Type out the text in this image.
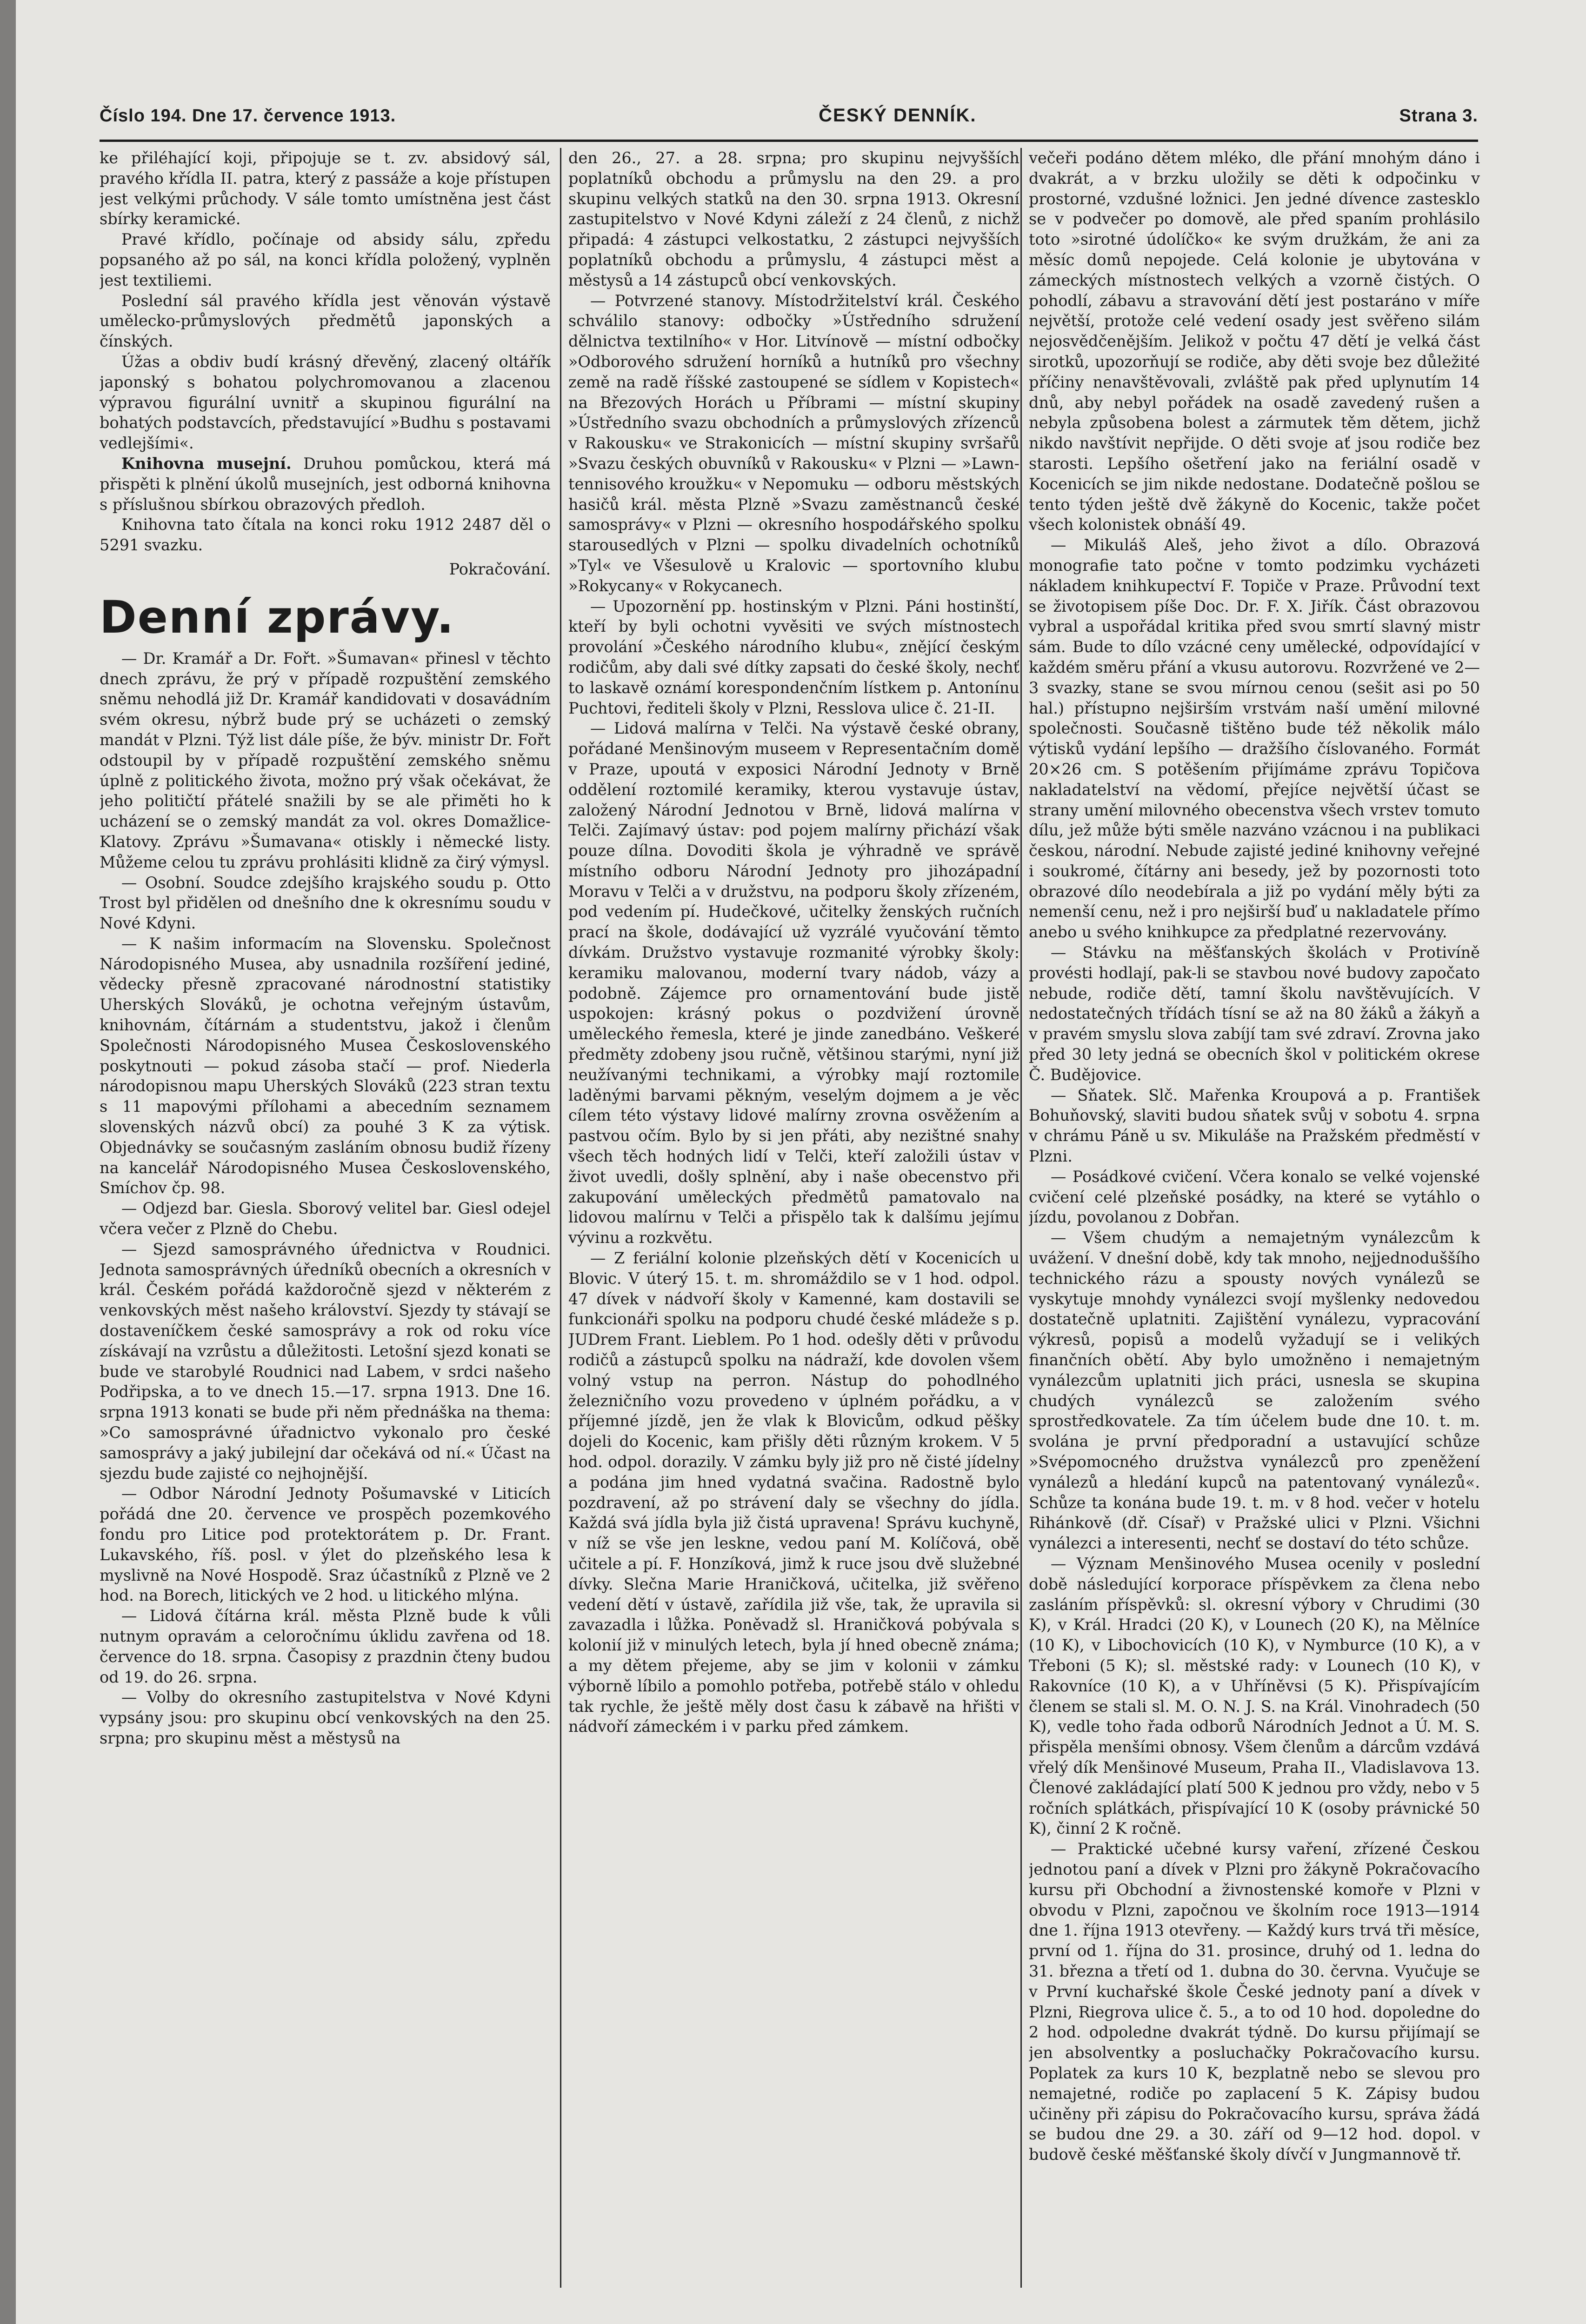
Číslo 194. Dne 17. července 1913.	ČESKÝ DENNÍK.	Strana 3.

ke přiléhající koji, připojuje se t. zv. absidový sál, pravého křídla II. patra, který z passáže a koje přístupen jest velkými průchody. V sále tomto umístněna jest část sbírky keramické.

Pravé křídlo, počínaje od absidy sálu, zpředu popsaného až po sál, na konci křídla položený, vyplněn jest textiliemi.

Poslední sál pravého křídla jest věnován výstavě umělecko-průmyslových předmětů japonských a čínských.

Úžas a obdiv budí krásný dřevěný, zlacený oltářík japonský s bohatou polychromovanou a zlacenou výpravou figurální uvnitř a skupinou figurální na bohatých podstavcích, představující »Budhu s postavami vedlejšími«.

Knihovna musejní. Druhou pomůckou, která má přispěti k plnění úkolů musejních, jest odborná knihovna s příslušnou sbírkou obrazových předloh.

Knihovna tato čítala na konci roku 1912 2487 děl o 5291 svazku.

Pokračování.

Denní zprávy.

— Dr. Kramář a Dr. Fořt. »Šumavan« přinesl v těchto dnech zprávu, že prý v případě rozpuštění zemského sněmu nehodlá již Dr. Kramář kandidovati v dosavádním svém okresu, nýbrž bude prý se ucházeti o zemský mandát v Plzni. Týž list dále píše, že býv. ministr Dr. Fořt odstoupil by v případě rozpuštění zemského sněmu úplně z politického života, možno prý však očekávat, že jeho političtí přátelé snažili by se ale přiměti ho k ucházení se o zemský mandát za vol. okres Domažlice-Klatovy. Zprávu »Šumavana« otiskly i německé listy. Můžeme celou tu zprávu prohlásiti klidně za čirý výmysl.

— Osobní. Soudce zdejšího krajského soudu p. Otto Trost byl přidělen od dnešního dne k okresnímu soudu v Nové Kdyni.

— K našim informacím na Slovensku. Společnost Národopisného Musea, aby usnadnila rozšíření jediné, vědecky přesně zpracované národnostní statistiky Uherských Slováků, je ochotna veřejným ústavům, knihovnám, čítárnám a studentstvu, jakož i členům Společnosti Národopisného Musea Československého poskytnouti — pokud zásoba stačí — prof. Niederla národopisnou mapu Uherských Slováků (223 stran textu s 11 mapovými přílohami a abecedním seznamem slovenských názvů obcí) za pouhé 3 K za výtisk. Objednávky se současným zasláním obnosu budiž řízeny na kancelář Národopisného Musea Československého, Smíchov čp. 98.

— Odjezd bar. Giesla. Sborový velitel bar. Giesl odejel včera večer z Plzně do Chebu.

— Sjezd samosprávného úřednictva v Roudnici. Jednota samosprávných úředníků obecních a okresních v král. Českém pořádá každoročně sjezd v některém z venkovských měst našeho království. Sjezdy ty stávají se dostaveníčkem české samosprávy a rok od roku více získávají na vzrůstu a důležitosti. Letošní sjezd konati se bude ve starobylé Roudnici nad Labem, v srdci našeho Podřipska, a to ve dnech 15.—17. srpna 1913. Dne 16. srpna 1913 konati se bude při něm přednáška na thema: »Co samosprávné úřadnictvo vykonalo pro české samosprávy a jaký jubilejní dar očekává od ní.« Účast na sjezdu bude zajisté co nejhojnější.

— Odbor Národní Jednoty Pošumavské v Liticích pořádá dne 20. července ve prospěch pozemkového fondu pro Litice pod protektorátem p. Dr. Frant. Lukavského, říš. posl. v ýlet do plzeňského lesa k myslivně na Nové Hospodě. Sraz účastníků z Plzně ve 2 hod. na Borech, litických ve 2 hod. u litického mlýna.

— Lidová čítárna král. města Plzně bude k vůli nutnym opravám a celoročnímu úklidu zavřena od 18. července do 18. srpna. Časopisy z prazdnin čteny budou od 19. do 26. srpna.

— Volby do okresního zastupitelstva v Nové Kdyni vypsány jsou: pro skupinu obcí venkovských na den 25. srpna; pro skupinu měst a městysů na

den 26., 27. a 28. srpna; pro skupinu nejvyšších poplatníků obchodu a průmyslu na den 29. a pro skupinu velkých statků na den 30. srpna 1913. Okresní zastupitelstvo v Nové Kdyni záleží z 24 členů, z nichž připadá: 4 zástupci velkostatku, 2 zástupci nejvyšších poplatníků obchodu a průmyslu, 4 zástupci měst a městysů a 14 zástupců obcí venkovských.

— Potvrzené stanovy. Místodržitelství král. Českého schválilo stanovy: odbočky »Ústředního sdružení dělnictva textilního« v Hor. Litvínově — místní odbočky »Odborového sdružení horníků a hutníků pro všechny země na radě říšské zastoupené se sídlem v Kopistech« na Březových Horách u Příbrami — místní skupiny »Ústředního svazu obchodních a průmyslových zřízenců v Rakousku« ve Strakonicích — místní skupiny svršařů »Svazu českých obuvníků v Rakousku« v Plzni — »Lawn-tennisového kroužku« v Nepomuku — odboru městských hasičů král. města Plzně »Svazu zaměstnanců české samosprávy« v Plzni — okresního hospodářského spolku starousedlých v Plzni — spolku divadelních ochotníků »Tyl« ve Všesulově u Kralovic — sportovního klubu »Rokycany« v Rokycanech.

— Upozornění pp. hostinským v Plzni. Páni hostinští, kteří by byli ochotni vyvěsiti ve svých místnostech provolání »Českého národního klubu«, znějící českým rodičům, aby dali své dítky zapsati do české školy, nechť to laskavě oznámí korespondenčním lístkem p. Antonínu Puchtovi, řediteli školy v Plzni, Resslova ulice č. 21-II.

— Lidová malírna v Telči. Na výstavě české obrany, pořádané Menšinovým museem v Representačním domě v Praze, upoutá v exposici Národní Jednoty v Brně oddělení roztomilé keramiky, kterou vystavuje ústav, založený Národní Jednotou v Brně, lidová malírna v Telči. Zajímavý ústav: pod pojem malírny přichází však pouze dílna. Dovoditi škola je výhradně ve správě místního odboru Národní Jednoty pro jihozápadní Moravu v Telči a v družstvu, na podporu školy zřízeném, pod vedením pí. Hudečkové, učitelky ženských ručních prací na škole, dodávající už vyzrálé vyučování těmto dívkám. Družstvo vystavuje rozmanité výrobky školy: keramiku malovanou, moderní tvary nádob, vázy a podobně. Zájemce pro ornamentování bude jistě uspokojen: krásný pokus o pozdvižení úrovně uměleckého řemesla, které je jinde zanedbáno. Veškeré předměty zdobeny jsou ručně, většinou starými, nyní již neužívanými technikami, a výrobky mají roztomile laděnými barvami pěkným, veselým dojmem a je věc cílem této výstavy lidové malírny zrovna osvěžením a pastvou očím. Bylo by si jen přáti, aby nezištné snahy všech těch hodných lidí v Telči, kteří založili ústav v život uvedli, došly splnění, aby i naše obecenstvo při zakupování uměleckých předmětů pamatovalo na lidovou malírnu v Telči a přispělo tak k dalšímu jejímu vývinu a rozkvětu.

— Z feriální kolonie plzeňských dětí v Kocenicích u Blovic. V úterý 15. t. m. shromáždilo se v 1 hod. odpol. 47 dívek v nádvoří školy v Kamenné, kam dostavili se funkcionáři spolku na podporu chudé české mládeže s p. JUDrem Frant. Lieblem. Po 1 hod. odešly děti v průvodu rodičů a zástupců spolku na nádraží, kde dovolen všem volný vstup na perron. Nástup do pohodlného železničního vozu provedeno v úplném pořádku, a v příjemné jízdě, jen že vlak k Blovicům, odkud pěšky dojeli do Kocenic, kam přišly děti různým krokem. V 5 hod. odpol. dorazily. V zámku byly již pro ně čisté jídelny a podána jim hned vydatná svačina. Radostně bylo pozdravení, až po strávení daly se všechny do jídla. Každá svá jídla byla již čistá upravena! Správu kuchyně, v níž se vše jen leskne, vedou paní M. Kolíčová, obě učitele a pí. F. Honzíková, jimž k ruce jsou dvě služebné dívky. Slečna Marie Hraničková, učitelka, již svěřeno vedení dětí v ústavě, zařídila již vše, tak, že upravila si zavazadla i lůžka. Poněvadž sl. Hraničková pobývala s kolonií již v minulých letech, byla jí hned obecně známa; a my dětem přejeme, aby se jim v kolonii v zámku výborně líbilo a pomohlo potřeba, potřebě stálo v ohledu tak rychle, že ještě měly dost času k zábavě na hřišti v nádvoří zámeckém i v parku před zámkem.

večeři podáno dětem mléko, dle přání mnohým dáno i dvakrát, a v brzku uložily se děti k odpočinku v prostorné, vzdušné ložnici. Jen jedné dívence zastesklo se v podvečer po domově, ale před spaním prohlásilo toto »sirotné údolíčko« ke svým družkám, že ani za měsíc domů nepojede. Celá kolonie je ubytována v zámeckých místnostech velkých a vzorně čistých. O pohodlí, zábavu a stravování dětí jest postaráno v míře největší, protože celé vedení osady jest svěřeno silám nejosvědčenějším. Jelikož v počtu 47 dětí je velká část sirotků, upozorňují se rodiče, aby děti svoje bez důležité příčiny nenavštěvovali, zvláště pak před uplynutím 14 dnů, aby nebyl pořádek na osadě zavedený rušen a nebyla způsobena bolest a zármutek těm dětem, jichž nikdo navštívit nepřijde. O děti svoje ať jsou rodiče bez starosti. Lepšího ošetření jako na feriální osadě v Kocenicích se jim nikde nedostane. Dodatečně pošlou se tento týden ještě dvě žákyně do Kocenic, takže počet všech kolonistek obnáší 49.

— Mikuláš Aleš, jeho život a dílo. Obrazová monografie tato počne v tomto podzimku vycházeti nákladem knihkupectví F. Topiče v Praze. Průvodní text se životopisem píše Doc. Dr. F. X. Jiřík. Část obrazovou vybral a uspořádal kritika před svou smrtí slavný mistr sám. Bude to dílo vzácné ceny umělecké, odpovídající v každém směru přání a vkusu autorovu. Rozvržené ve 2—3 svazky, stane se svou mírnou cenou (sešit asi po 50 hal.) přístupno nejširším vrstvám naší umění milovné společnosti. Současně tištěno bude též několik málo výtisků vydání lepšího — dražšího číslovaného. Formát 20×26 cm. S potěšením přijímáme zprávu Topičova nakladatelství na vědomí, přejíce největší účast se strany umění milovného obecenstva všech vrstev tomuto dílu, jež může býti směle nazváno vzácnou i na publikaci českou, národní. Nebude zajisté jediné knihovny veřejné i soukromé, čítárny ani besedy, jež by pozornosti toto obrazové dílo neodebírala a již po vydání měly býti za nemenší cenu, než i pro nejširší buď u nakladatele přímo anebo u svého knihkupce za předplatné rezervovány.

— Stávku na měšťanských školách v Protivíně provésti hodlají, pak-li se stavbou nové budovy započato nebude, rodiče dětí, tamní školu navštěvujících. V nedostatečných třídách tísní se až na 80 žáků a žákyň a v pravém smyslu slova zabíjí tam své zdraví. Zrovna jako před 30 lety jedná se obecních škol v politickém okrese Č. Budějovice.

— Sňatek. Slč. Mařenka Kroupová a p. František Bohuňovský, slaviti budou sňatek svůj v sobotu 4. srpna v chrámu Páně u sv. Mikuláše na Pražském předměstí v Plzni.

— Posádkové cvičení. Včera konalo se velké vojenské cvičení celé plzeňské posádky, na které se vytáhlo o jízdu, povolanou z Dobřan.

— Všem chudým a nemajetným vynálezcům k uvážení. V dnešní době, kdy tak mnoho, nejjednoduššího technického rázu a spousty nových vynálezů se vyskytuje mnohdy vynálezci svojí myšlenky nedovedou dostatečně uplatniti. Zajištění vynálezu, vypracování výkresů, popisů a modelů vyžadují se i velikých finančních obětí. Aby bylo umožněno i nemajetným vynálezcům uplatniti jich práci, usnesla se skupina chudých vynálezců se založením svého sprostředkovatele. Za tím účelem bude dne 10. t. m. svolána je první předporadní a ustavující schůze »Svépomocného družstva vynálezců pro zpeněžení vynálezů a hledání kupců na patentovaný vynálezů«. Schůze ta konána bude 19. t. m. v 8 hod. večer v hotelu Rihánkově (dř. Císař) v Pražské ulici v Plzni. Všichni vynálezci a interesenti, nechť se dostaví do této schůze.

— Význam Menšinového Musea ocenily v poslední době následující korporace příspěvkem za člena nebo zasláním příspěvků: sl. okresní výbory v Chrudimi (30 K), v Král. Hradci (20 K), v Lounech (20 K), na Mělníce (10 K), v Libochovicích (10 K), v Nymburce (10 K), a v Třeboni (5 K); sl. městské rady: v Lounech (10 K), v Rakovníce (10 K), a v Uhříněvsi (5 K). Přispívajícím členem se stali sl. M. O. N. J. S. na Král. Vinohradech (50 K), vedle toho řada odborů Národních Jednot a Ú. M. S. přispěla menšími obnosy. Všem členům a dárcům vzdává vřelý dík Menšinové Museum, Praha II., Vladislavova 13. Členové zakládající platí 500 K jednou pro vždy, nebo v 5 ročních splátkách, přispívající 10 K (osoby právnické 50 K), činní 2 K ročně.

— Praktické učebné kursy vaření, zřízené Českou jednotou paní a dívek v Plzni pro žákyně Pokračovacího kursu při Obchodní a živnostenské komoře v Plzni v obvodu v Plzni, započnou ve školním roce 1913—1914 dne 1. října 1913 otevřeny. — Každý kurs trvá tři měsíce, první od 1. října do 31. prosince, druhý od 1. ledna do 31. března a třetí od 1. dubna do 30. června. Vyučuje se v První kuchařské škole České jednoty paní a dívek v Plzni, Riegrova ulice č. 5., a to od 10 hod. dopoledne do 2 hod. odpoledne dvakrát týdně. Do kursu přijímají se jen absolventky a posluchačky Pokračovacího kursu. Poplatek za kurs 10 K, bezplatně nebo se slevou pro nemajetné, rodiče po zaplacení 5 K. Zápisy budou učiněny při zápisu do Pokračovacího kursu, správa žádá se budou dne 29. a 30. září od 9—12 hod. dopol. v budově české měšťanské školy dívčí v Jungmannově tř.
